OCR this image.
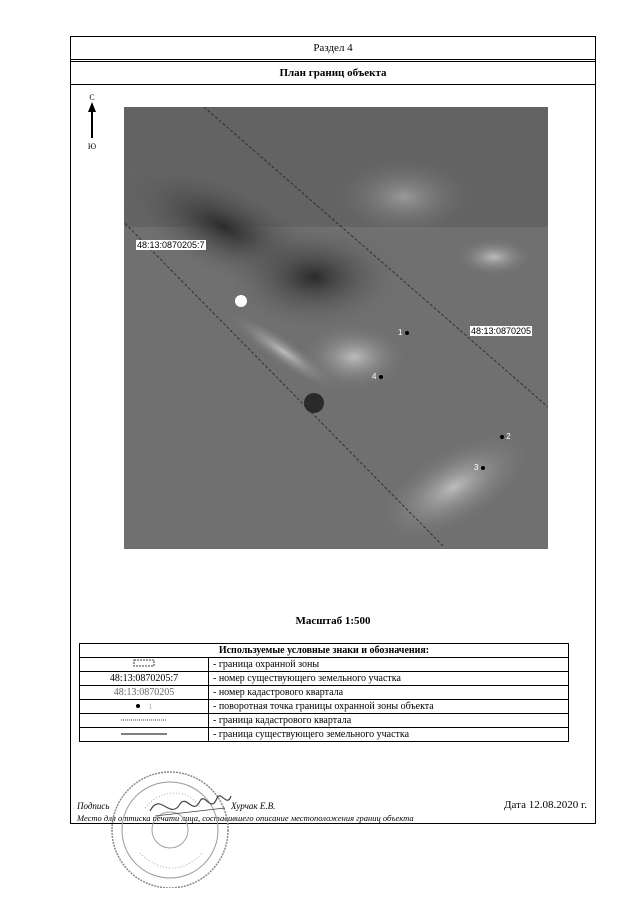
Раздел 4
План границ объекта
С
Ю
48:13:0870205:7
48:13:0870205
1
2
3
4
Масштаб 1:500
Используемые условные знаки и обозначения:	
	- граница охранной зоны
48:13:0870205:7	- номер существующего земельного участка
48:13:0870205	- номер кадастрового квартала
1	- поворотная точка границы охранной зоны объекта
	- граница кадастрового квартала
	- граница существующего земельного участка
Подпись	Хурчак Е.В.	Дата 12.08.2020 г.
Место для оттиска печати лица, составившего описание местоположения границ объекта
